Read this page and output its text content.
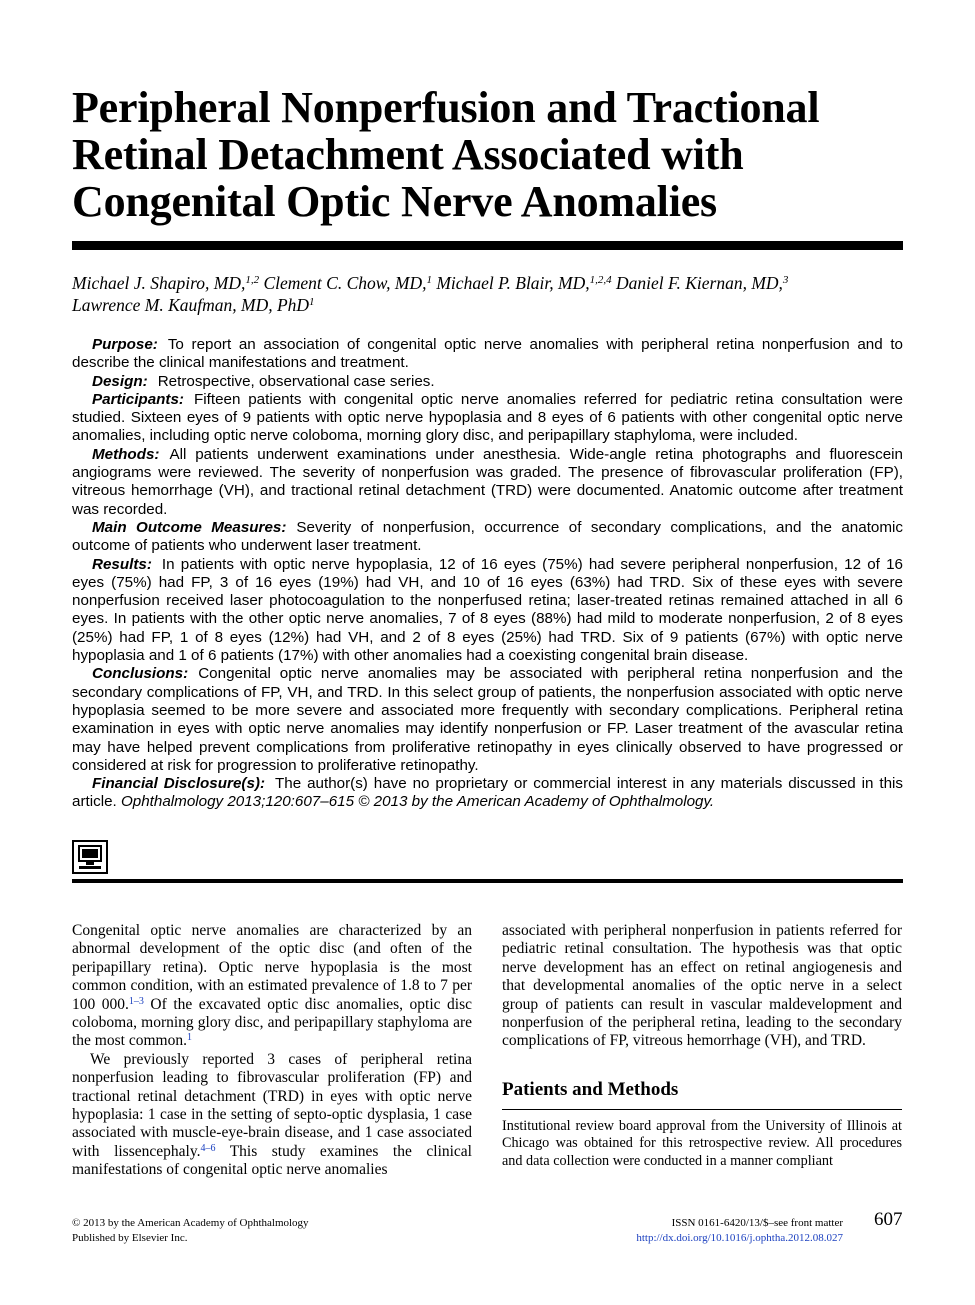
Peripheral Nonperfusion and Tractional Retinal Detachment Associated with Congenital Optic Nerve Anomalies
Michael J. Shapiro, MD,$^{1,2}$ Clement C. Chow, MD,$^1$ Michael P. Blair, MD,$^{1,2,4}$ Daniel F. Kiernan, MD,$^3$
Lawrence M. Kaufman, MD, PhD$^1$

Purpose: To report an association of congenital optic nerve anomalies with peripheral retina nonperfusion and to describe the clinical manifestations and treatment.

Design: Retrospective, observational case series.

Participants: Fifteen patients with congenital optic nerve anomalies referred for pediatric retina consultation were studied. Sixteen eyes of 9 patients with optic nerve hypoplasia and 8 eyes of 6 patients with other congenital optic nerve anomalies, including optic nerve coloboma, morning glory disc, and peripapillary staphyloma, were included.

Methods: All patients underwent examinations under anesthesia. Wide-angle retina photographs and fluorescein angiograms were reviewed. The severity of nonperfusion was graded. The presence of fibrovascular proliferation (FP), vitreous hemorrhage (VH), and tractional retinal detachment (TRD) were documented. Anatomic outcome after treatment was recorded.

Main Outcome Measures: Severity of nonperfusion, occurrence of secondary complications, and the anatomic outcome of patients who underwent laser treatment.

Results: In patients with optic nerve hypoplasia, 12 of 16 eyes (75%) had severe peripheral nonperfusion, 12 of 16 eyes (75%) had FP, 3 of 16 eyes (19%) had VH, and 10 of 16 eyes (63%) had TRD. Six of these eyes with severe nonperfusion received laser photocoagulation to the nonperfused retina; laser-treated retinas remained attached in all 6 eyes. In patients with the other optic nerve anomalies, 7 of 8 eyes (88%) had mild to moderate nonperfusion, 2 of 8 eyes (25%) had FP, 1 of 8 eyes (12%) had VH, and 2 of 8 eyes (25%) had TRD. Six of 9 patients (67%) with optic nerve hypoplasia and 1 of 6 patients (17%) with other anomalies had a coexisting congenital brain disease.

Conclusions: Congenital optic nerve anomalies may be associated with peripheral retina nonperfusion and the secondary complications of FP, VH, and TRD. In this select group of patients, the nonperfusion associated with optic nerve hypoplasia seemed to be more severe and associated more frequently with secondary complications. Peripheral retina examination in eyes with optic nerve anomalies may identify nonperfusion or FP. Laser treatment of the avascular retina may have helped prevent complications from proliferative retinopathy in eyes clinically observed to have progressed or considered at risk for progression to proliferative retinopathy.

Financial Disclosure(s): The author(s) have no proprietary or commercial interest in any materials discussed in this article. Ophthalmology 2013;120:607–615 © 2013 by the American Academy of Ophthalmology.

Congenital optic nerve anomalies are characterized by an abnormal development of the optic disc (and often of the peripapillary retina). Optic nerve hypoplasia is the most common condition, with an estimated prevalence of 1.8 to 7 per 100 000.$^{1-3}$ Of the excavated optic disc anomalies, optic disc coloboma, morning glory disc, and peripapillary staphyloma are the most common.$^1$

We previously reported 3 cases of peripheral retina nonperfusion leading to fibrovascular proliferation (FP) and tractional retinal detachment (TRD) in eyes with optic nerve hypoplasia: 1 case in the setting of septo-optic dysplasia, 1 case associated with muscle-eye-brain disease, and 1 case associated with lissencephaly.$^{4-6}$ This study examines the clinical manifestations of congenital optic nerve anomalies

associated with peripheral nonperfusion in patients referred for pediatric retinal consultation. The hypothesis was that optic nerve development has an effect on retinal angiogenesis and that developmental anomalies of the optic nerve in a select group of patients can result in vascular maldevelopment and nonperfusion of the peripheral retina, leading to the secondary complications of FP, vitreous hemorrhage (VH), and TRD.

Patients and Methods

Institutional review board approval from the University of Illinois at Chicago was obtained for this retrospective review. All procedures and data collection were conducted in a manner compliant

© 2013 by the American Academy of Ophthalmology
Published by Elsevier Inc.
ISSN 0161-6420/13/$–see front matter
http://dx.doi.org/10.1016/j.ophtha.2012.08.027
607
